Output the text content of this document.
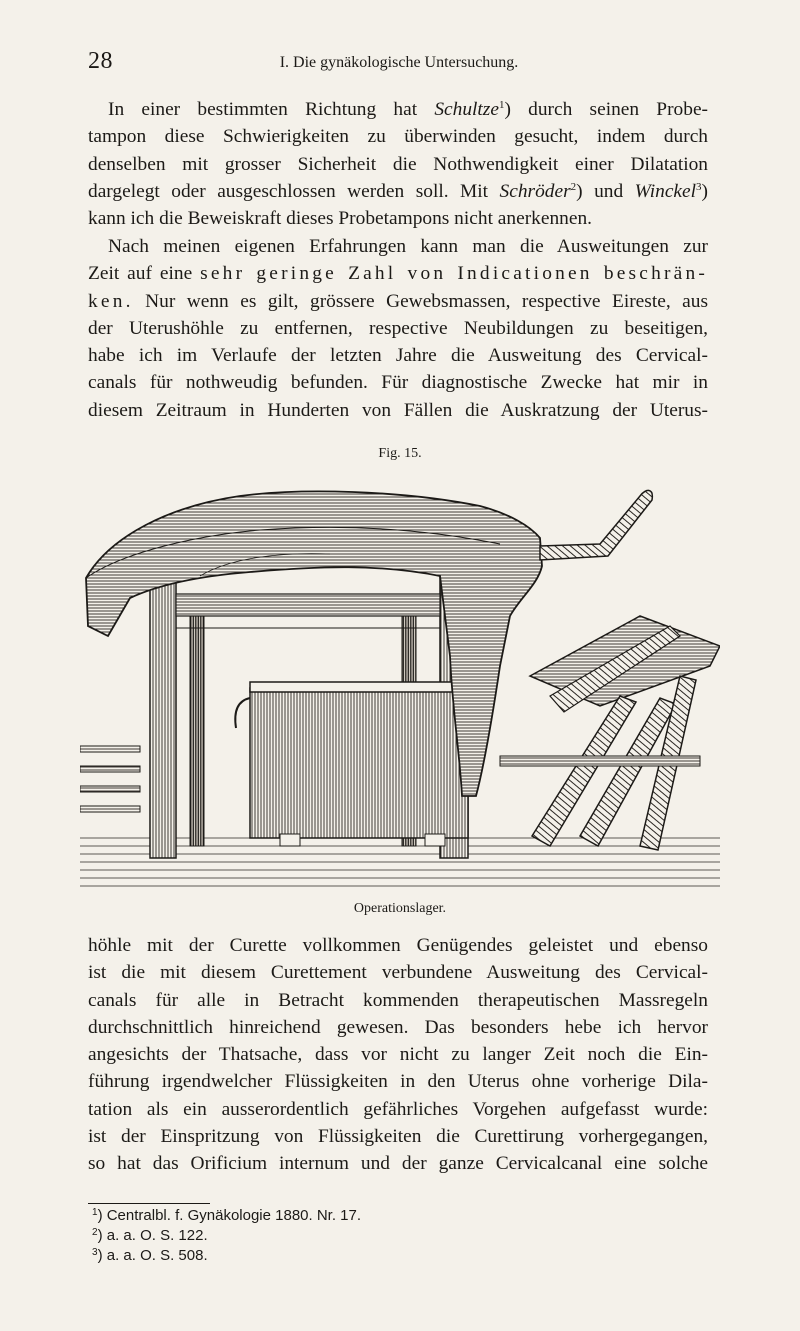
28	I. Die gynäkologische Untersuchung.

In einer bestimmten Richtung hat Schultze$^1$) durch seinen Probe-
tampon diese Schwierigkeiten zu überwinden gesucht, indem durch
denselben mit grosser Sicherheit die Nothwendigkeit einer Dilatation
dargelegt oder ausgeschlossen werden soll. Mit Schröder$^2$) und Winckel$^3$)
kann ich die Beweiskraft dieses Probetampons nicht anerkennen.

Nach meinen eigenen Erfahrungen kann man die Ausweitungen zur
Zeit auf eine sehr geringe Zahl von Indicationen beschrän-
ken. Nur wenn es gilt, grössere Gewebsmassen, respective Eireste, aus
der Uterushöhle zu entfernen, respective Neubildungen zu beseitigen,
habe ich im Verlaufe der letzten Jahre die Ausweitung des Cervical-
canals für nothweudig befunden. Für diagnostische Zwecke hat mir in
diesem Zeitraum in Hunderten von Fällen die Auskratzung der Uterus-

Fig. 15.
Operationslager.

höhle mit der Curette vollkommen Genügendes geleistet und ebenso
ist die mit diesem Curettement verbundene Ausweitung des Cervical-
canals für alle in Betracht kommenden therapeutischen Massregeln
durchschnittlich hinreichend gewesen. Das besonders hebe ich hervor
angesichts der Thatsache, dass vor nicht zu langer Zeit noch die Ein-
führung irgendwelcher Flüssigkeiten in den Uterus ohne vorherige Dila-
tation als ein ausserordentlich gefährliches Vorgehen aufgefasst wurde:
ist der Einspritzung von Flüssigkeiten die Curettirung vorhergegangen,
so hat das Orificium internum und der ganze Cervicalcanal eine solche

$^1$) Centralbl. f. Gynäkologie 1880. Nr. 17.
$^2$) a. a. O. S. 122.
$^3$) a. a. O. S. 508.
